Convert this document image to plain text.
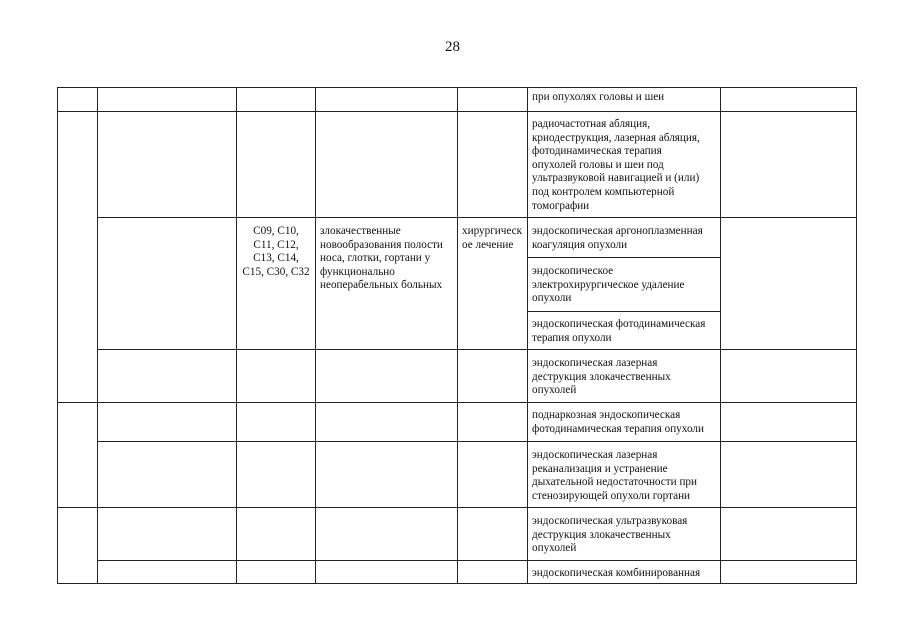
28
при опухолях головы и шеи
радиочастотная абляция,
криодеструкция, лазерная абляция,
фотодинамическая терапия
опухолей головы и шеи под
ультразвуковой навигацией и (или)
под контролем компьютерной
томографии
C09, C10,
C11, C12,
C13, C14,
C15, C30, C32
злокачественные
новообразования полости
носа, глотки, гортани у
функционально
неоперабельных больных
хирургическ
ое лечение
эндоскопическая аргоноплазменная
коагуляция опухоли
эндоскопическое
электрохирургическое удаление
опухоли
эндоскопическая фотодинамическая
терапия опухоли
эндоскопическая лазерная
деструкция злокачественных
опухолей
поднаркозная эндоскопическая
фотодинамическая терапия опухоли
эндоскопическая лазерная
реканализация и устранение
дыхательной недостаточности при
стенозирующей опухоли гортани
эндоскопическая ультразвуковая
деструкция злокачественных
опухолей
эндоскопическая комбинированная
